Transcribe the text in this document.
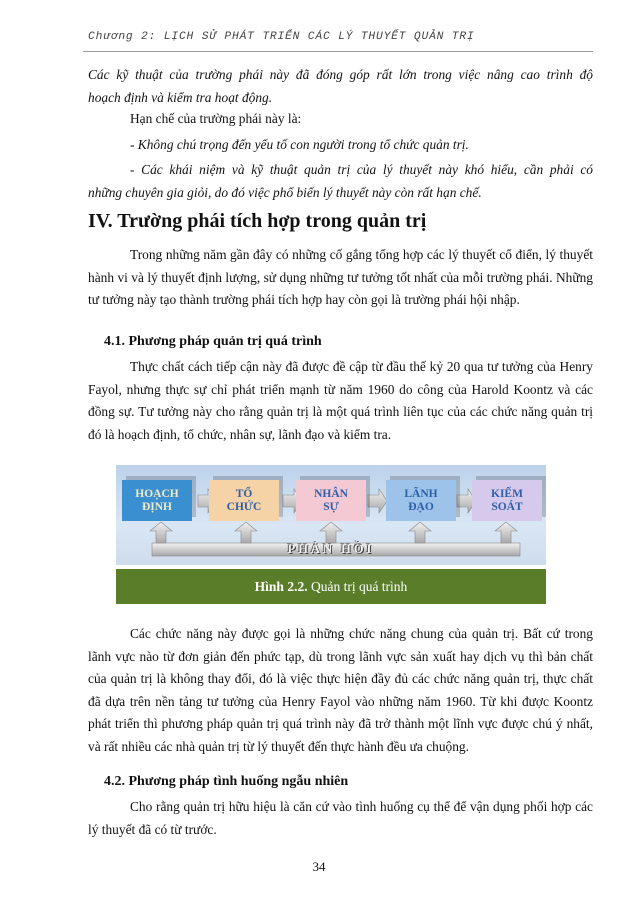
Chương 2: LỊCH SỬ PHÁT TRIỂN CÁC LÝ THUYẾT QUẢN TRỊ
Các kỹ thuật của trường phái này đã đóng góp rất lớn trong việc nâng cao trình độ
hoạch định và kiểm tra hoạt động.
Hạn chế của trường phái này là:
- Không chú trọng đến yếu tố con người trong tổ chức quản trị.
- Các khái niệm và kỹ thuật quản trị của lý thuyết này khó hiểu, cần phải có
những chuyên gia giỏi, do đó việc phổ biến lý thuyết này còn rất hạn chế.
IV. Trường phái tích hợp trong quản trị
Trong những năm gần đây có những cố gắng tổng hợp các lý thuyết cổ điển, lý thuyết hành vi và lý thuyết định lượng, sử dụng những tư tưởng tốt nhất của mỗi trường phái. Những tư tưởng này tạo thành trường phái tích hợp hay còn gọi là trường phái hội nhập.
4.1. Phương pháp quản trị quá trình
Thực chất cách tiếp cận này đã được đề cập từ đầu thế kỷ 20 qua tư tưởng của Henry Fayol, nhưng thực sự chỉ phát triển mạnh từ năm 1960 do công của Harold Koontz và các đồng sự. Tư tưởng này cho rằng quản trị là một quá trình liên tục của các chức năng quản trị đó là hoạch định, tổ chức, nhân sự, lãnh đạo và kiểm tra.
HOẠCH
ĐỊNH
TỔ
CHỨC
NHÂN
SỰ
LÃNH
ĐẠO
KIỂM
SOÁT
PHẢN HỒI
Hình 2.2. Quản trị quá trình
Các chức năng này được gọi là những chức năng chung của quản trị. Bất cứ trong lãnh vực nào từ đơn giản đến phức tạp, dù trong lãnh vực sản xuất hay dịch vụ thì bản chất của quản trị là không thay đổi, đó là việc thực hiện đầy đủ các chức năng quản trị, thực chất đã dựa trên nền tảng tư tưởng của Henry Fayol vào những năm 1960. Từ khi được Koontz phát triển thì phương pháp quản trị quá trình này đã trở thành một lĩnh vực được chú ý nhất, và rất nhiều các nhà quản trị từ lý thuyết đến thực hành đều ưa chuộng.
4.2. Phương pháp tình huống ngẫu nhiên
Cho rằng quản trị hữu hiệu là căn cứ vào tình huống cụ thể để vận dụng phối hợp các lý thuyết đã có từ trước.
34
